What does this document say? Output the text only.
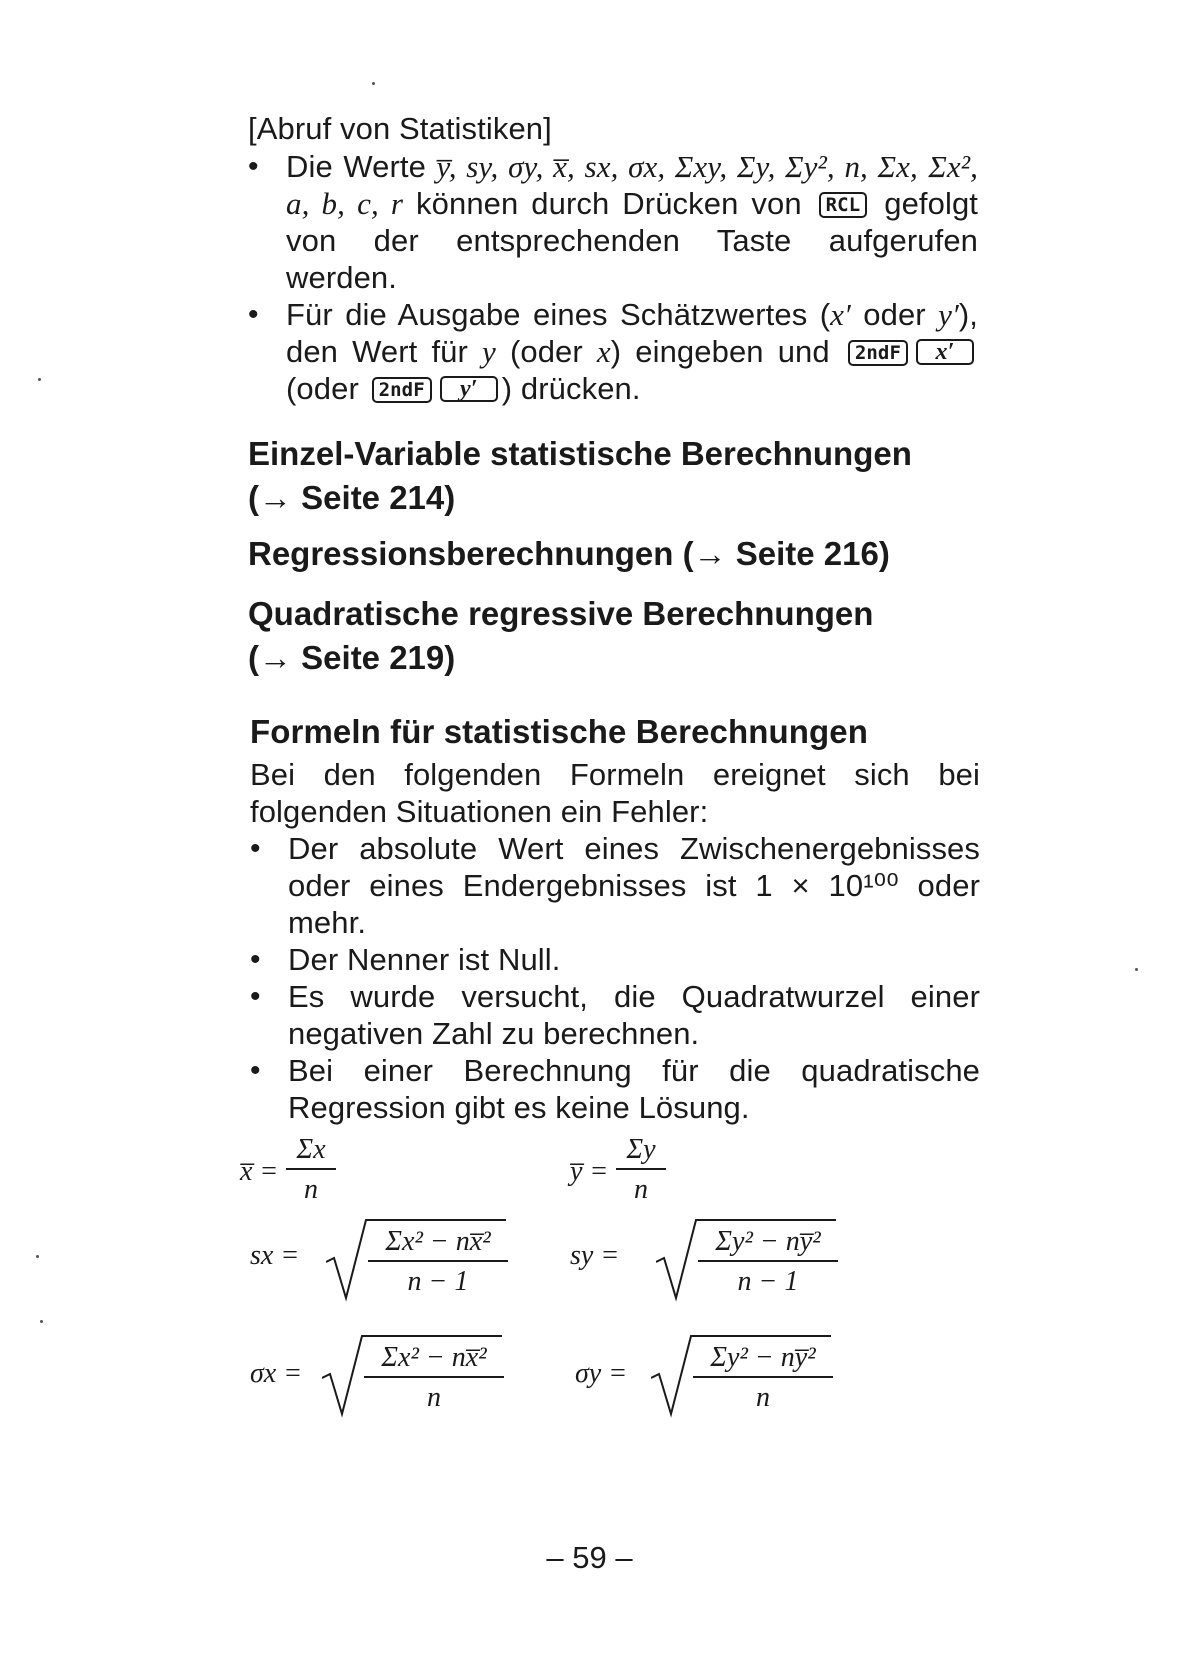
[Abruf von Statistiken]
• Die Werte y̅, sy, σy, x̅, sx, σx, Σxy, Σy, Σy², n, Σx, Σx², a, b, c, r können durch Drücken von RCL gefolgt von der entsprechenden Taste aufgerufen werden.
• Für die Ausgabe eines Schätzwertes (x′ oder y′), den Wert für y (oder x) eingeben und 2ndF x′ (oder 2ndF y′ ) drücken.
Einzel-Variable statistische Berechnungen
(→ Seite 214)
Regressionsberechnungen (→ Seite 216)
Quadratische regressive Berechnungen
(→ Seite 219)
Formeln für statistische Berechnungen
Bei den folgenden Formeln ereignet sich bei folgenden Situationen ein Fehler:
• Der absolute Wert eines Zwischenergebnisses oder eines Endergebnisses ist 1 × 10¹⁰⁰ oder mehr.
• Der Nenner ist Null.
• Es wurde versucht, die Quadratwurzel einer negativen Zahl zu berechnen.
• Bei einer Berechnung für die quadratische Regression gibt es keine Lösung.
x̅ = $\frac{\Sigma x}{n}$	y̅ = $\frac{\Sigma y}{n}$
sx = $\frac{\text{Σx² − nx̅²}}{n - 1}$ sy =	$\frac{\text{Σy² − ny̅²}}{n - 1}$
$\sigma x = \frac{\text{Σx² − nx̅²}}{n}$	$\sigma y = \frac{\text{Σy² − ny̅²}}{n}$
– 59 –
